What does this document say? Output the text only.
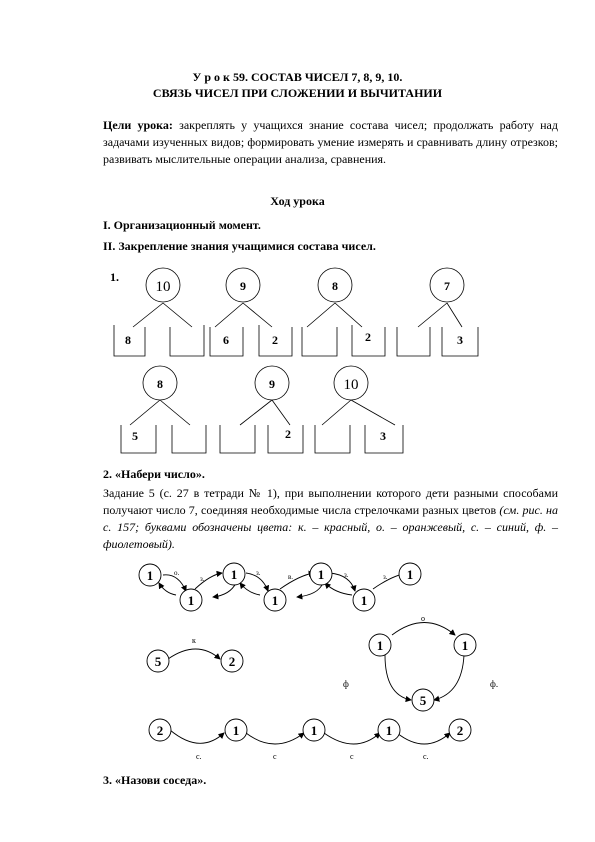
У р о к 59. СОСТАВ ЧИСЕЛ 7, 8, 9, 10.
СВЯЗЬ ЧИСЕЛ ПРИ СЛОЖЕНИИ И ВЫЧИТАНИИ
Цели урока: закреплять у учащихся знание состава чисел; продолжать работу над задачами изученных видов; формировать умение измерять и сравнивать длину отрезков; развивать мыслительные операции анализа, сравнения.
Ход урока
I. Организационный момент.
II. Закрепление знания учащимися состава чисел.
1.
10
8
9
6	2
8
2
7
3
8
5
9
2
10
3
2. «Набери число».
Задание 5 (с. 27 в тетради № 1), при выполнении которого дети разными способами получают число 7, соединяя необходимые числа стрелочками разных цветов (см. рис. на с. 157; буквами обозначены цвета: к. – красный, о. – оранжевый, с. – синий, ф. – фиолетовый).
1
1
1
1
1
1
1
о.
з.
з.	в.	з.	з.
5	2
к	1	1
5
о
ф	ф.
2	1	1	1	2
с.	с	с	с.
3. «Назови соседа».
